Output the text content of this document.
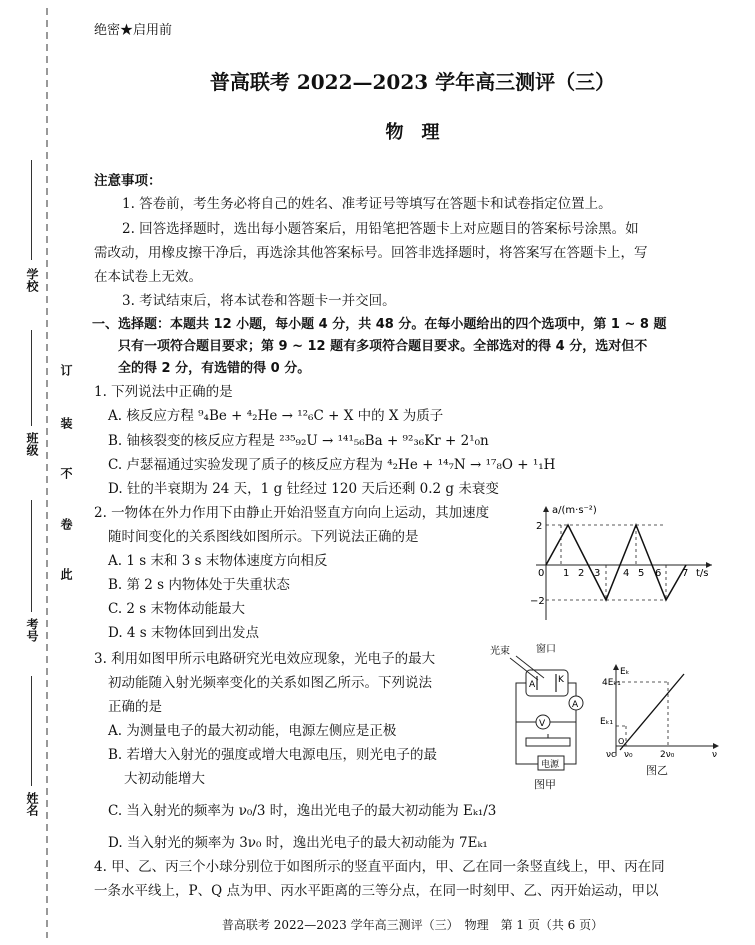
学校
班级
考号
姓名
订
装
不
卷
此
绝密★启用前
普高联考 2022—2023 学年高三测评（三）
物　理
注意事项：
1. 答卷前，考生务必将自己的姓名、准考证号等填写在答题卡和试卷指定位置上。
2. 回答选择题时，选出每小题答案后，用铅笔把答题卡上对应题目的答案标号涂黑。如
需改动，用橡皮擦干净后，再选涂其他答案标号。回答非选择题时，将答案写在答题卡上，写
在本试卷上无效。
3. 考试结束后，将本试卷和答题卡一并交回。
一、选择题：本题共 12 小题，每小题 4 分，共 48 分。在每小题给出的四个选项中，第 1 ~ 8 题
只有一项符合题目要求；第 9 ~ 12 题有多项符合题目要求。全部选对的得 4 分，选对但不
全的得 2 分，有选错的得 0 分。
1. 下列说法中正确的是
A. 核反应方程 ⁹₄Be + ⁴₂He → ¹²₆C + X 中的 X 为质子
B. 铀核裂变的核反应方程是 ²³⁵₉₂U → ¹⁴¹₅₆Ba + ⁹²₃₆Kr + 2¹₀n
C. 卢瑟福通过实验发现了质子的核反应方程为 ⁴₂He + ¹⁴₇N → ¹⁷₈O + ¹₁H
D. 钍的半衰期为 24 天，1 g 钍经过 120 天后还剩 0.2 g 未衰变
2. 一物体在外力作用下由静止开始沿竖直方向向上运动，其加速度
随时间变化的关系图线如图所示。下列说法正确的是
A. 1 s 末和 3 s 末物体速度方向相反
B. 第 2 s 内物体处于失重状态
C. 2 s 末物体动能最大
D. 4 s 末物体回到出发点
a/(m·s⁻²)
2
−2
0 1 2 3 4 5 6 7 t/s
3. 利用如图甲所示电路研究光电效应现象，光电子的最大
初动能随入射光频率变化的关系如图乙所示。下列说法
正确的是
A. 为测量电子的最大初动能，电源左侧应是正极
B. 若增大入射光的强度或增大电源电压，则光电子的最
大初动能增大
C. 当入射光的频率为 ν₀/3 时，逸出光电子的最大初动能为 Eₖ₁/3
D. 当入射光的频率为 3ν₀ 时，逸出光电子的最大初动能为 7Eₖ₁
光束	窗口
A	K
A
V
电源
图甲
Eₖ
4Eₖ₁
Eₖ₁
O
νc ν₀	2ν₀	ν
图乙
4. 甲、乙、丙三个小球分别位于如图所示的竖直平面内，甲、乙在同一条竖直线上，甲、丙在同
一条水平线上，P、Q 点为甲、丙水平距离的三等分点，在同一时刻甲、乙、丙开始运动，甲以
普高联考 2022—2023 学年高三测评（三）　物理　第 1 页（共 6 页）
